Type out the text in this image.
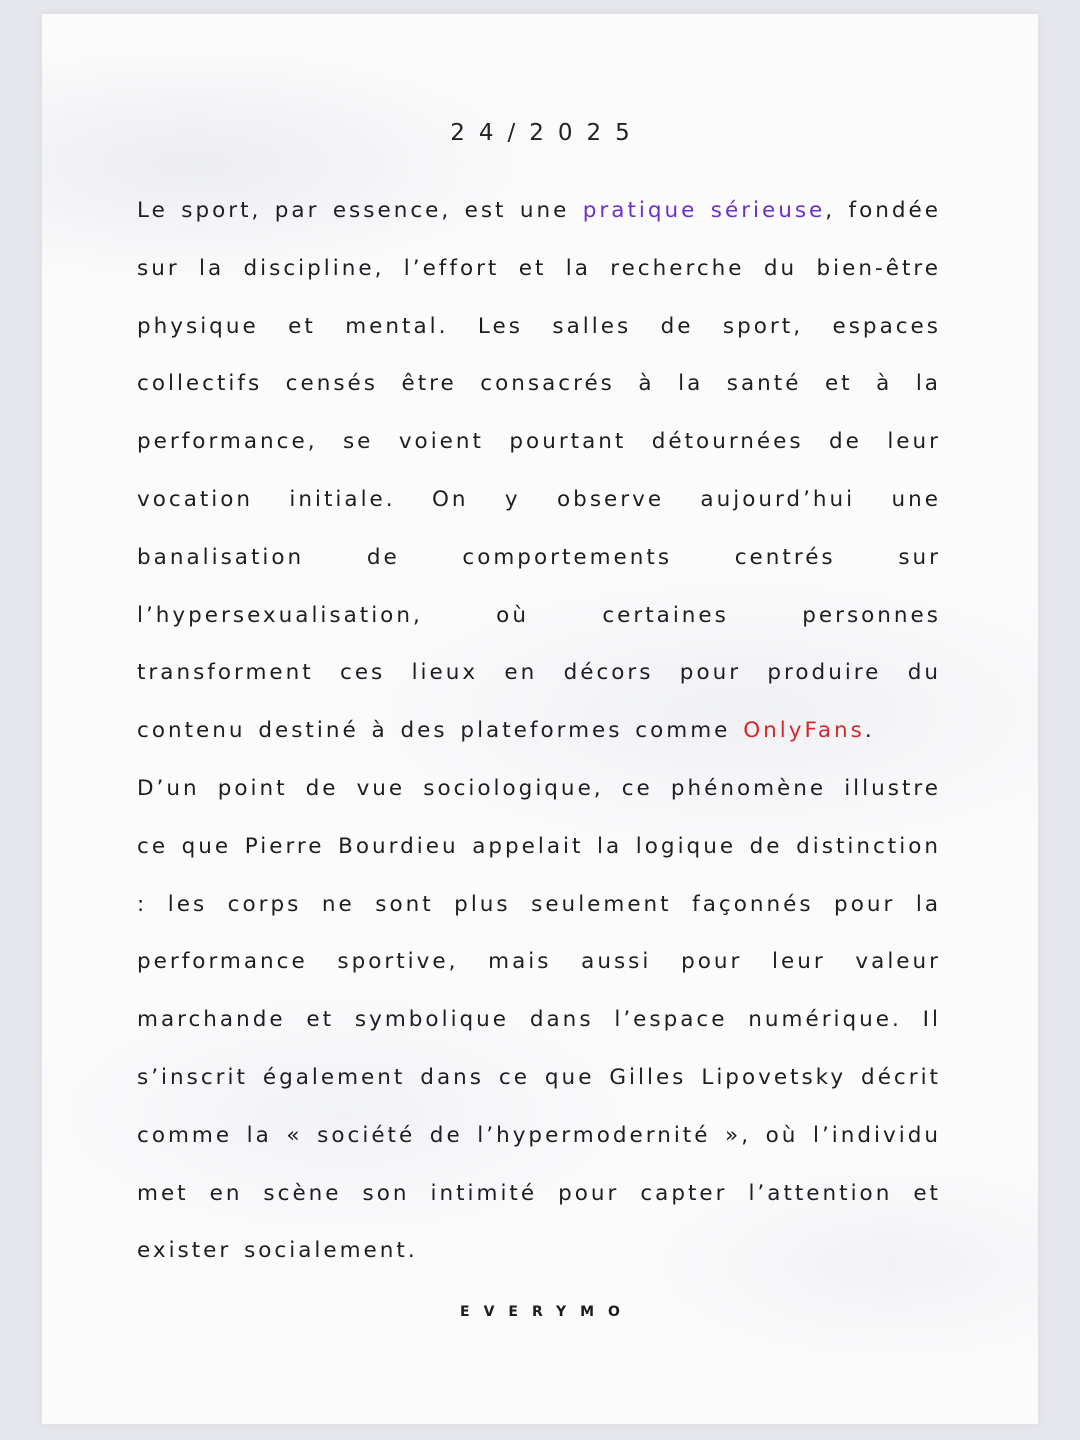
24/2025

Le sport, par essence, est une pratique sérieuse, fondée sur la discipline, l’effort et la recherche du bien-être physique et mental. Les salles de sport, espaces collectifs censés être consacrés à la santé et à la performance, se voient pourtant détournées de leur vocation initiale. On y observe aujourd’hui une banalisation de comportements centrés sur l’hypersexualisation, où certaines personnes transforment ces lieux en décors pour produire du contenu destiné à des plateformes comme OnlyFans.

D’un point de vue sociologique, ce phénomène illustre ce que Pierre Bourdieu appelait la logique de distinction : les corps ne sont plus seulement façonnés pour la performance sportive, mais aussi pour leur valeur marchande et symbolique dans l’espace numérique. Il s’inscrit également dans ce que Gilles Lipovetsky décrit comme la « société de l’hypermodernité », où l’individu met en scène son intimité pour capter l’attention et exister socialement.

EVERYMO
